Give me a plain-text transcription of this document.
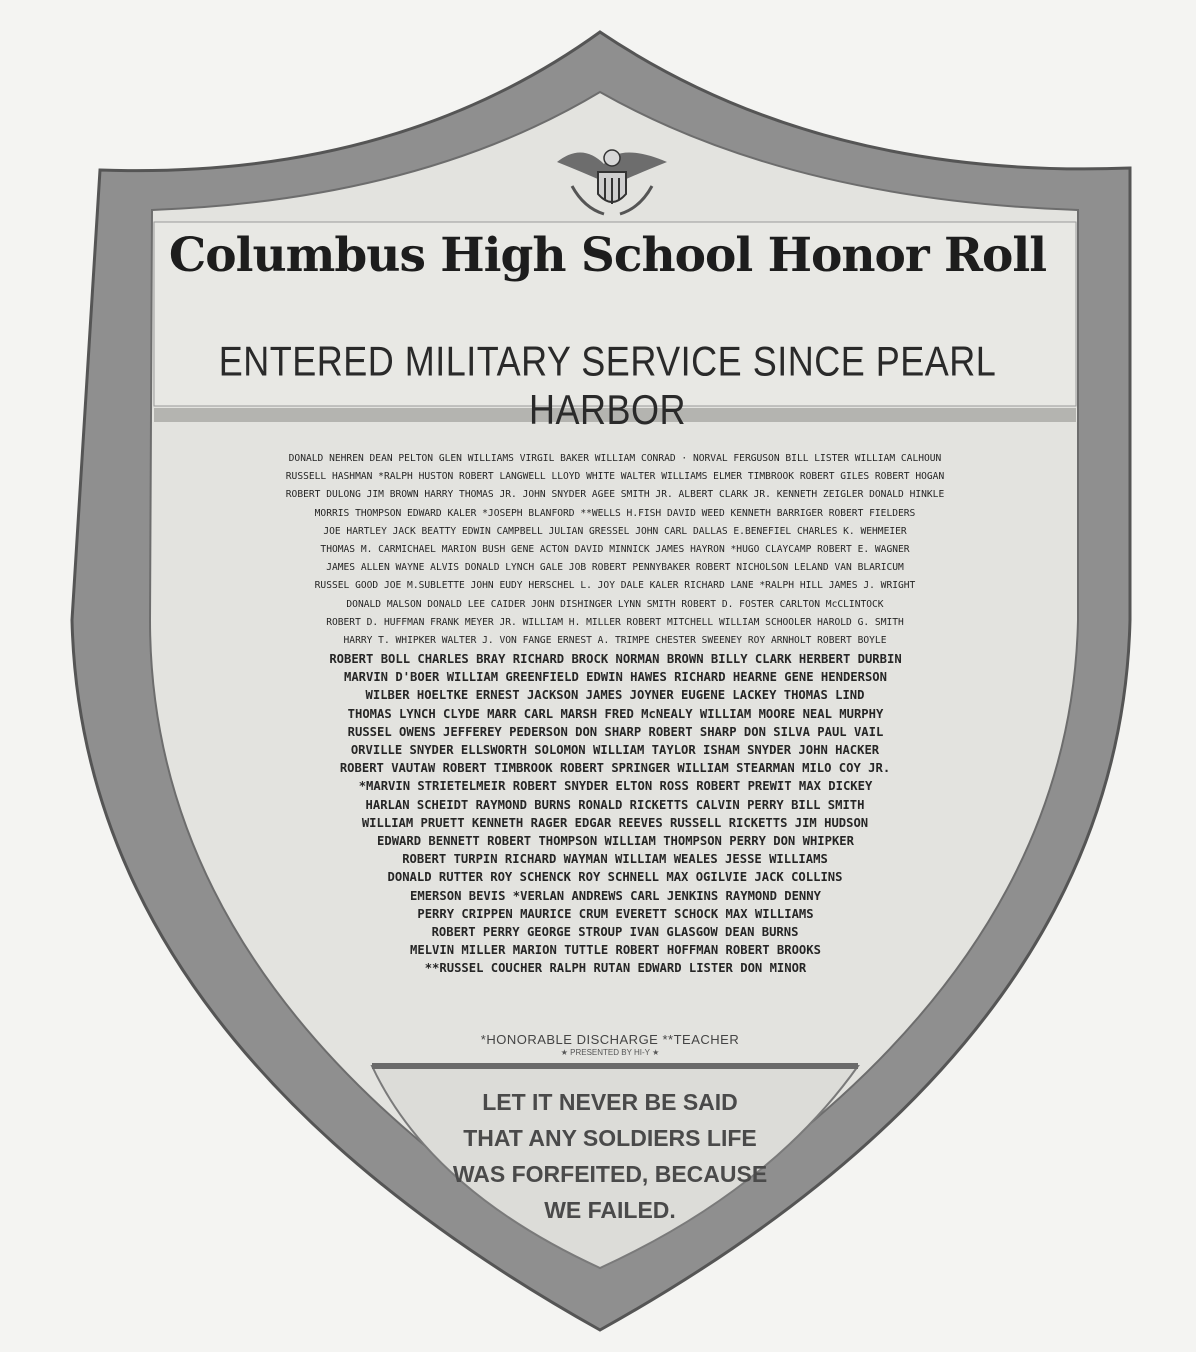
Columbus High School Honor Roll
ENTERED MILITARY SERVICE SINCE PEARL HARBOR
DONALD NEHREN DEAN PELTON GLEN WILLIAMS VIRGIL BAKER WILLIAM CONRAD · NORVAL FERGUSON BILL LISTER WILLIAM CALHOUN
RUSSELL HASHMAN *RALPH HUSTON ROBERT LANGWELL LLOYD WHITE WALTER WILLIAMS ELMER TIMBROOK ROBERT GILES ROBERT HOGAN
ROBERT DULONG JIM BROWN HARRY THOMAS JR. JOHN SNYDER AGEE SMITH JR. ALBERT CLARK JR. KENNETH ZEIGLER DONALD HINKLE
MORRIS THOMPSON EDWARD KALER *JOSEPH BLANFORD **WELLS H.FISH DAVID WEED KENNETH BARRIGER ROBERT FIELDERS
JOE HARTLEY JACK BEATTY EDWIN CAMPBELL JULIAN GRESSEL JOHN CARL DALLAS E.BENEFIEL CHARLES K. WEHMEIER
THOMAS M. CARMICHAEL MARION BUSH GENE ACTON DAVID MINNICK JAMES HAYRON *HUGO CLAYCAMP ROBERT E. WAGNER
JAMES ALLEN WAYNE ALVIS DONALD LYNCH GALE JOB ROBERT PENNYBAKER ROBERT NICHOLSON LELAND VAN BLARICUM
RUSSEL GOOD JOE M.SUBLETTE JOHN EUDY HERSCHEL L. JOY DALE KALER RICHARD LANE *RALPH HILL JAMES J. WRIGHT
DONALD MALSON DONALD LEE CAIDER JOHN DISHINGER LYNN SMITH ROBERT D. FOSTER CARLTON McCLINTOCK
ROBERT D. HUFFMAN FRANK MEYER JR. WILLIAM H. MILLER ROBERT MITCHELL WILLIAM SCHOOLER HAROLD G. SMITH
HARRY T. WHIPKER WALTER J. VON FANGE ERNEST A. TRIMPE CHESTER SWEENEY ROY ARNHOLT ROBERT BOYLE
ROBERT BOLL CHARLES BRAY RICHARD BROCK NORMAN BROWN BILLY CLARK HERBERT DURBIN
MARVIN D'BOER WILLIAM GREENFIELD EDWIN HAWES RICHARD HEARNE GENE HENDERSON
WILBER HOELTKE ERNEST JACKSON JAMES JOYNER EUGENE LACKEY THOMAS LIND
THOMAS LYNCH CLYDE MARR CARL MARSH FRED McNEALY WILLIAM MOORE NEAL MURPHY
RUSSEL OWENS JEFFEREY PEDERSON DON SHARP ROBERT SHARP DON SILVA PAUL VAIL
ORVILLE SNYDER ELLSWORTH SOLOMON WILLIAM TAYLOR ISHAM SNYDER JOHN HACKER
ROBERT VAUTAW ROBERT TIMBROOK ROBERT SPRINGER WILLIAM STEARMAN MILO COY JR.
*MARVIN STRIETELMEIR ROBERT SNYDER ELTON ROSS ROBERT PREWIT MAX DICKEY
HARLAN SCHEIDT RAYMOND BURNS RONALD RICKETTS CALVIN PERRY BILL SMITH
WILLIAM PRUETT KENNETH RAGER EDGAR REEVES RUSSELL RICKETTS JIM HUDSON
EDWARD BENNETT ROBERT THOMPSON WILLIAM THOMPSON PERRY DON WHIPKER
ROBERT TURPIN RICHARD WAYMAN WILLIAM WEALES JESSE WILLIAMS
DONALD RUTTER ROY SCHENCK ROY SCHNELL MAX OGILVIE JACK COLLINS
EMERSON BEVIS *VERLAN ANDREWS CARL JENKINS RAYMOND DENNY
PERRY CRIPPEN MAURICE CRUM EVERETT SCHOCK MAX WILLIAMS
ROBERT PERRY GEORGE STROUP IVAN GLASGOW DEAN BURNS
MELVIN MILLER MARION TUTTLE ROBERT HOFFMAN ROBERT BROOKS
**RUSSEL COUCHER RALPH RUTAN EDWARD LISTER DON MINOR
*HONORABLE DISCHARGE **TEACHER
★ PRESENTED BY HI-Y ★
LET IT NEVER BE SAID
THAT ANY SOLDIERS LIFE
WAS FORFEITED, BECAUSE
WE FAILED.
